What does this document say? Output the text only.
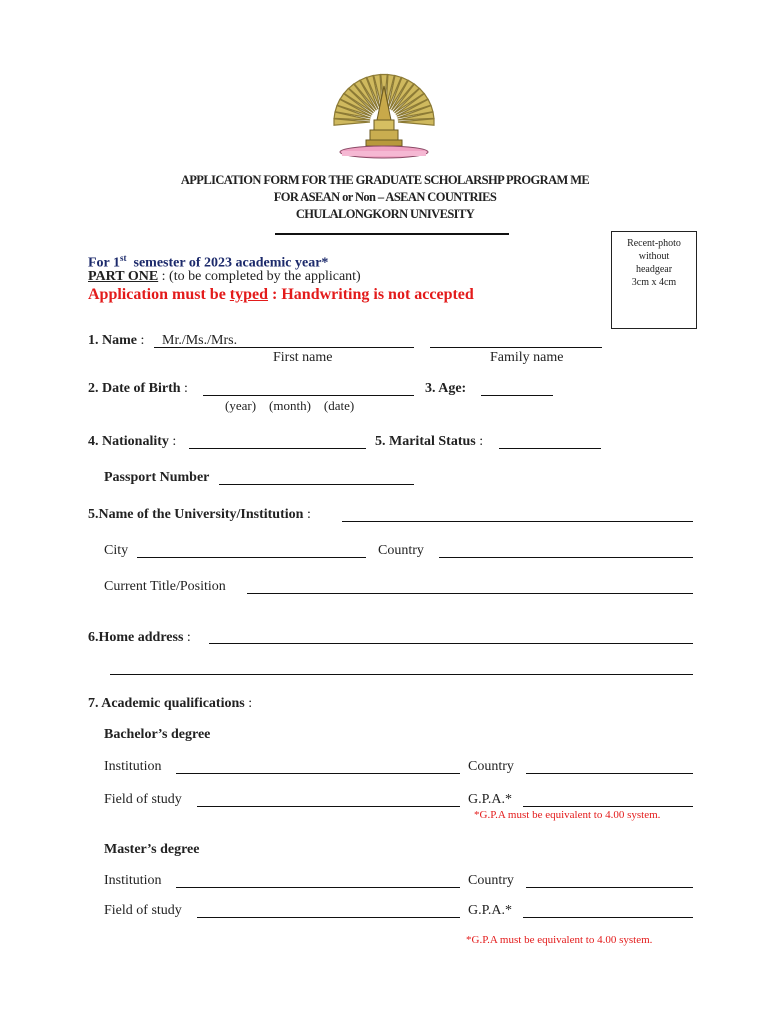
APPLICATION FORM FOR THE GRADUATE SCHOLARSHP PROGRAM ME
FOR ASEAN or Non – ASEAN COUNTRIES
CHULALONGKORN UNIVESITY
Recent-photo
without
headgear
3cm x 4cm
For 1st  semester of 2023 academic year*
PART ONE : (to be completed by the applicant)
Application must be typed : Handwriting is not accepted
1. Name : Mr./Ms./Mrs.
First name	Family name
2. Date of Birth :
(year)    (month)    (date)
3. Age:
4. Nationality :	5. Marital Status :
Passport Number
5.Name of the University/Institution :
City	Country
Current Title/Position
6.Home address :
7. Academic qualifications :
Bachelor’s degree
Institution	Country
Field of study	G.P.A.*
*G.P.A must be equivalent to 4.00 system.
Master’s degree
Institution	Country
Field of study	G.P.A.*
*G.P.A must be equivalent to 4.00 system.
